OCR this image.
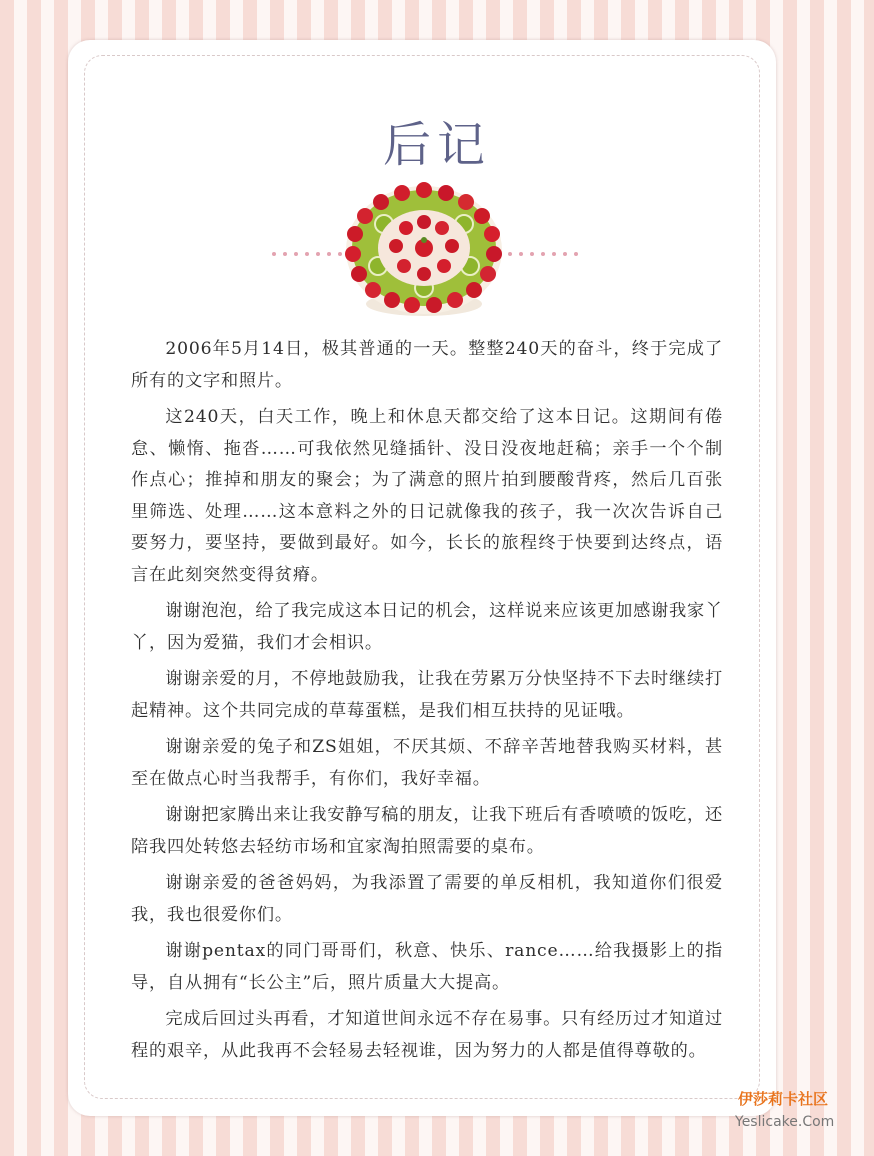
后记

2006年5月14日，极其普通的一天。整整240天的奋斗，终于完成了所有的文字和照片。

这240天，白天工作，晚上和休息天都交给了这本日记。这期间有倦怠、懒惰、拖沓……可我依然见缝插针、没日没夜地赶稿；亲手一个个制作点心；推掉和朋友的聚会；为了满意的照片拍到腰酸背疼，然后几百张里筛选、处理……这本意料之外的日记就像我的孩子，我一次次告诉自己要努力，要坚持，要做到最好。如今，长长的旅程终于快要到达终点，语言在此刻突然变得贫瘠。

谢谢泡泡，给了我完成这本日记的机会，这样说来应该更加感谢我家丫丫，因为爱猫，我们才会相识。

谢谢亲爱的月，不停地鼓励我，让我在劳累万分快坚持不下去时继续打起精神。这个共同完成的草莓蛋糕，是我们相互扶持的见证哦。

谢谢亲爱的兔子和ZS姐姐，不厌其烦、不辞辛苦地替我购买材料，甚至在做点心时当我帮手，有你们，我好幸福。

谢谢把家腾出来让我安静写稿的朋友，让我下班后有香喷喷的饭吃，还陪我四处转悠去轻纺市场和宜家淘拍照需要的桌布。

谢谢亲爱的爸爸妈妈，为我添置了需要的单反相机，我知道你们很爱我，我也很爱你们。

谢谢pentax的同门哥哥们，秋意、快乐、rance……给我摄影上的指导，自从拥有“长公主”后，照片质量大大提高。

完成后回过头再看，才知道世间永远不存在易事。只有经历过才知道过程的艰辛，从此我再不会轻易去轻视谁，因为努力的人都是值得尊敬的。

伊莎莉卡社区
Yeslicake.Com
